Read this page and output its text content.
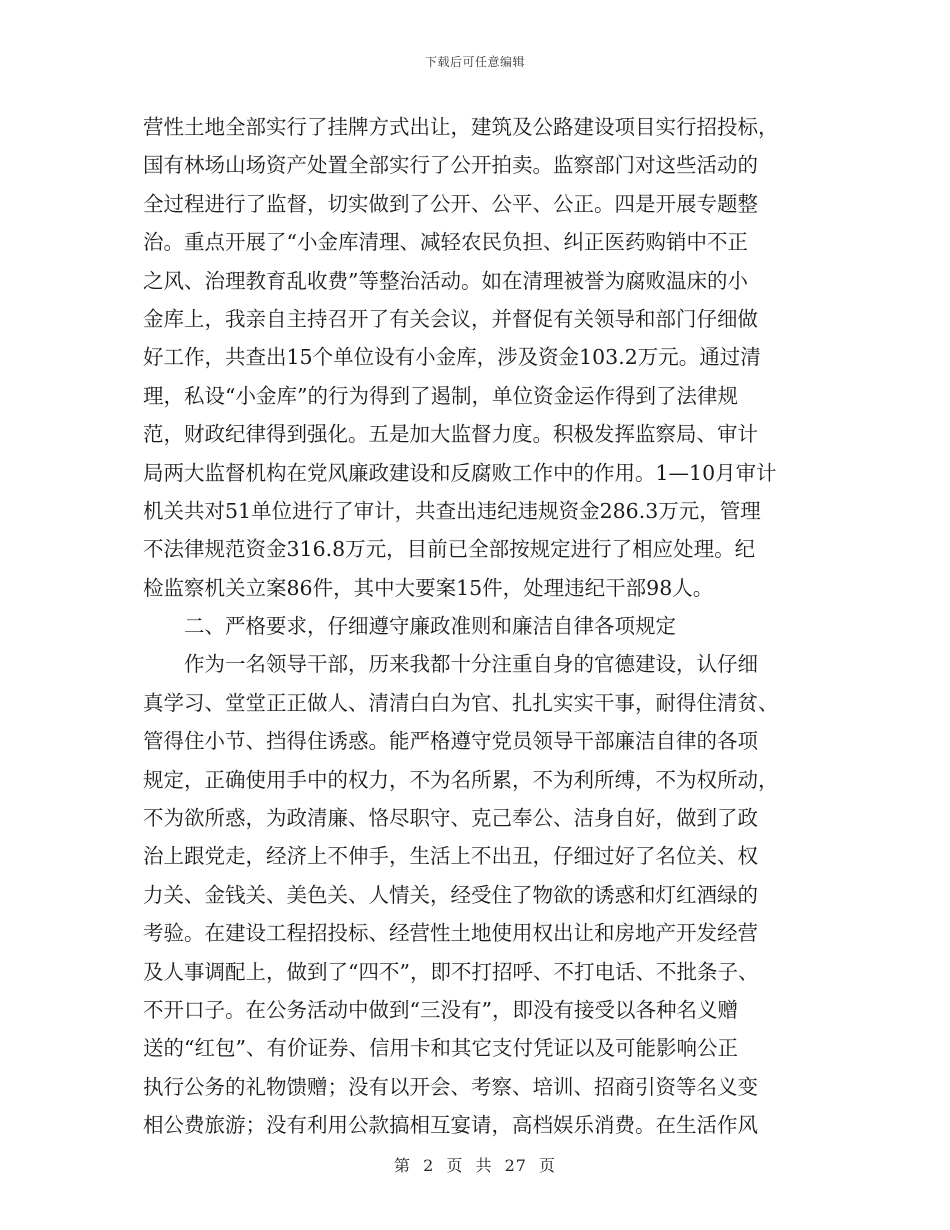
下载后可任意编辑
营性土地全部实行了挂牌方式出让，建筑及公路建设项目实行招投标，
国有林场山场资产处置全部实行了公开拍卖。监察部门对这些活动的
全过程进行了监督，切实做到了公开、公平、公正。四是开展专题整
治。重点开展了“小金库清理、减轻农民负担、纠正医药购销中不正
之风、治理教育乱收费”等整治活动。如在清理被誉为腐败温床的小
金库上，我亲自主持召开了有关会议，并督促有关领导和部门仔细做
好工作，共查出15个单位设有小金库，涉及资金103.2万元。通过清
理，私设“小金库”的行为得到了遏制，单位资金运作得到了法律规
范，财政纪律得到强化。五是加大监督力度。积极发挥监察局、审计
局两大监督机构在党风廉政建设和反腐败工作中的作用。1—10月审计
机关共对51单位进行了审计，共查出违纪违规资金286.3万元，管理
不法律规范资金316.8万元，目前已全部按规定进行了相应处理。纪
检监察机关立案86件，其中大要案15件，处理违纪干部98人。
二、严格要求，仔细遵守廉政准则和廉洁自律各项规定
作为一名领导干部，历来我都十分注重自身的官德建设，认仔细
真学习、堂堂正正做人、清清白白为官、扎扎实实干事，耐得住清贫、
管得住小节、挡得住诱惑。能严格遵守党员领导干部廉洁自律的各项
规定，正确使用手中的权力，不为名所累，不为利所缚，不为权所动，
不为欲所惑，为政清廉、恪尽职守、克己奉公、洁身自好，做到了政
治上跟党走，经济上不伸手，生活上不出丑，仔细过好了名位关、权
力关、金钱关、美色关、人情关，经受住了物欲的诱惑和灯红酒绿的
考验。在建设工程招投标、经营性土地使用权出让和房地产开发经营
及人事调配上，做到了“四不”，即不打招呼、不打电话、不批条子、
不开口子。在公务活动中做到“三没有”，即没有接受以各种名义赠
送的“红包”、有价证券、信用卡和其它支付凭证以及可能影响公正
执行公务的礼物馈赠；没有以开会、考察、培训、招商引资等名义变
相公费旅游；没有利用公款搞相互宴请，高档娱乐消费。在生活作风
第 2 页 共 27 页
